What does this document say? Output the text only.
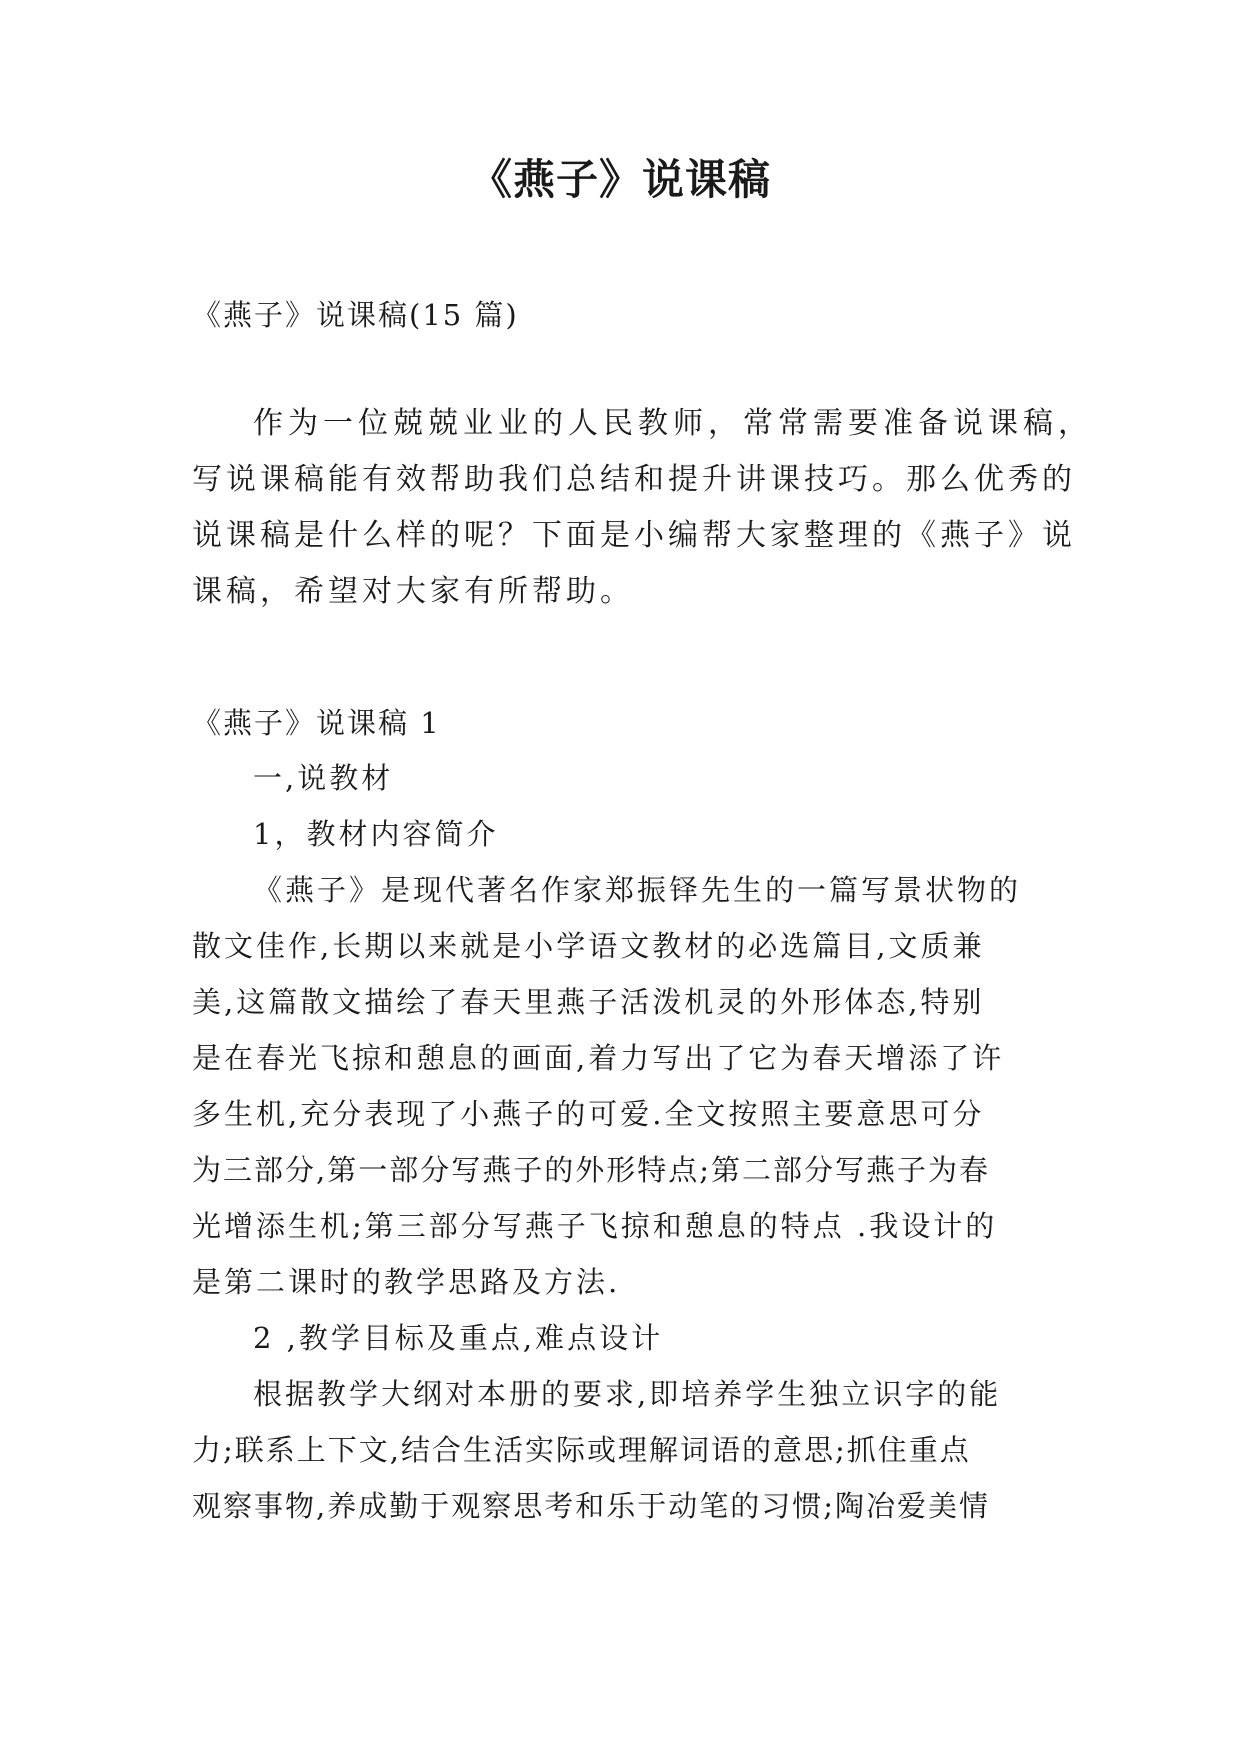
《燕子》说课稿
《燕子》说课稿(15 篇)
作为一位兢兢业业的人民教师，常常需要准备说课稿，
写说课稿能有效帮助我们总结和提升讲课技巧。那么优秀的
说课稿是什么样的呢？下面是小编帮大家整理的《燕子》说
课稿，希望对大家有所帮助。
《燕子》说课稿 1
一,说教材
1，教材内容简介
《燕子》是现代著名作家郑振铎先生的一篇写景状物的
散文佳作,长期以来就是小学语文教材的必选篇目,文质兼
美,这篇散文描绘了春天里燕子活泼机灵的外形体态,特别
是在春光飞掠和憩息的画面,着力写出了它为春天增添了许
多生机,充分表现了小燕子的可爱.全文按照主要意思可分
为三部分,第一部分写燕子的外形特点;第二部分写燕子为春
光增添生机;第三部分写燕子飞掠和憩息的特点 .我设计的
是第二课时的教学思路及方法.
2 ,教学目标及重点,难点设计
根据教学大纲对本册的要求,即培养学生独立识字的能
力;联系上下文,结合生活实际或理解词语的意思;抓住重点
观察事物,养成勤于观察思考和乐于动笔的习惯;陶冶爱美情
